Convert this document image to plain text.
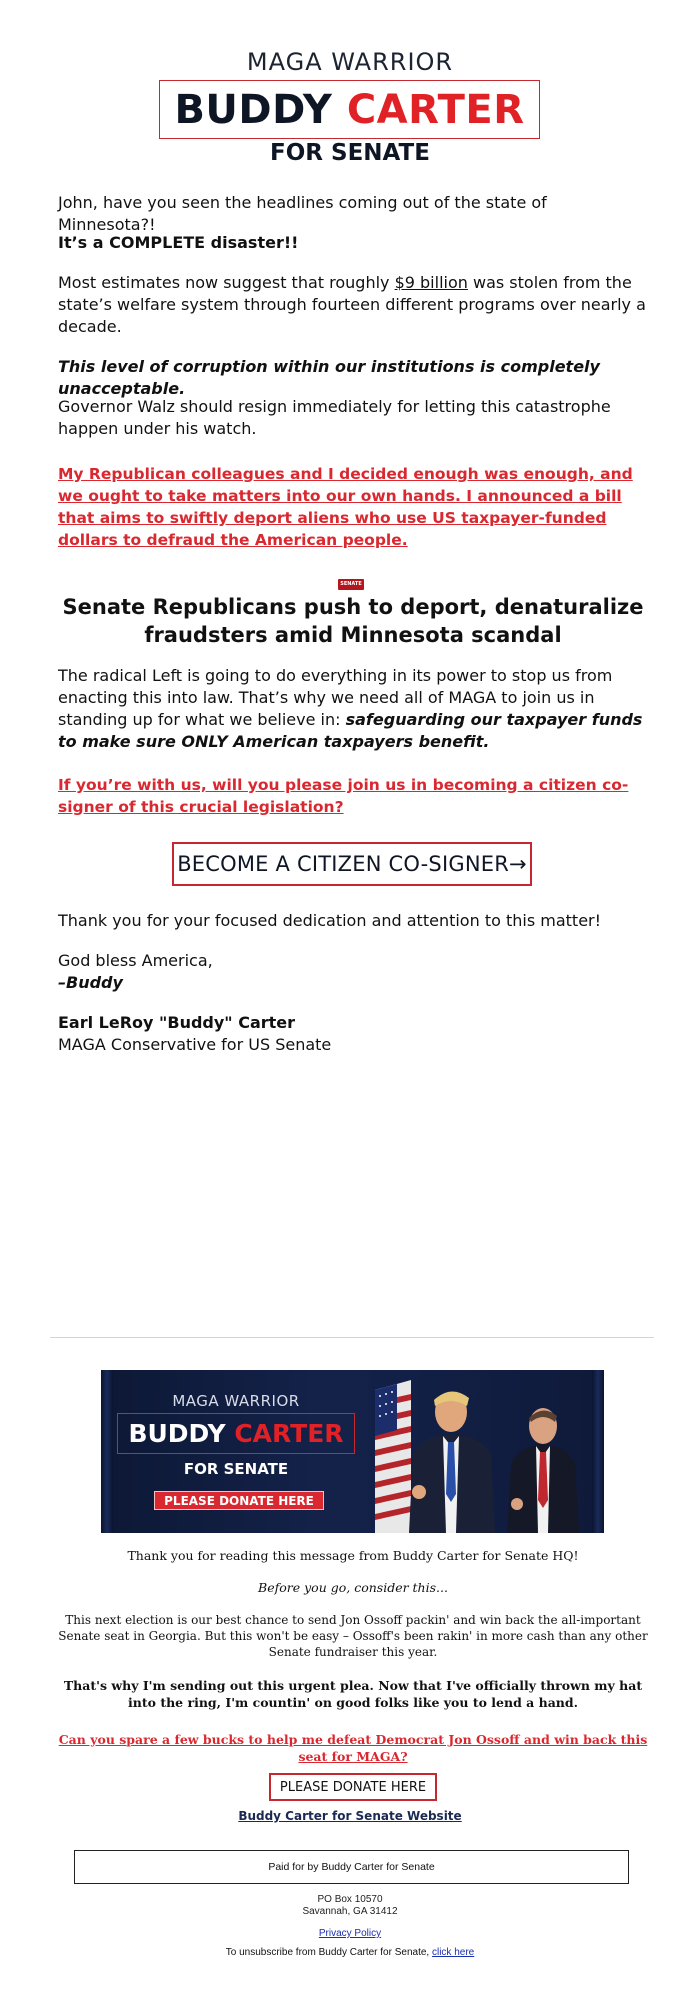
MAGA WARRIOR
BUDDY CARTER
FOR SENATE
John, have you seen the headlines coming out of the state of Minnesota?!
It’s a COMPLETE disaster!!
Most estimates now suggest that roughly $9 billion was stolen from the state’s welfare system through fourteen different programs over nearly a decade.
This level of corruption within our institutions is completely unacceptable.
Governor Walz should resign immediately for letting this catastrophe happen under his watch.
My Republican colleagues and I decided enough was enough, and we ought to take matters into our own hands. I announced a bill that aims to swiftly deport aliens who use US taxpayer-funded dollars to defraud the American people.
SENATE
Senate Republicans push to deport, denaturalize fraudsters amid Minnesota scandal
The radical Left is going to do everything in its power to stop us from enacting this into law. That’s why we need all of MAGA to join us in standing up for what we believe in: safeguarding our taxpayer funds to make sure ONLY American taxpayers benefit.
If you’re with us, will you please join us in becoming a citizen co-signer of this crucial legislation?
BECOME A CITIZEN CO-SIGNER →
Thank you for your focused dedication and attention to this matter!
God bless America,
–Buddy
Earl LeRoy "Buddy" Carter
MAGA Conservative for US Senate
MAGA WARRIOR
BUDDY CARTER
FOR SENATE
PLEASE DONATE HERE
Thank you for reading this message from Buddy Carter for Senate HQ!
Before you go, consider this...
This next election is our best chance to send Jon Ossoff packin' and win back the all-important Senate seat in Georgia. But this won't be easy – Ossoff's been rakin' in more cash than any other Senate fundraiser this year.
That's why I'm sending out this urgent plea. Now that I've officially thrown my hat into the ring, I'm countin' on good folks like you to lend a hand.
Can you spare a few bucks to help me defeat Democrat Jon Ossoff and win back this seat for MAGA?
PLEASE DONATE HERE
Buddy Carter for Senate Website
Paid for by Buddy Carter for Senate
PO Box 10570
Savannah, GA 31412
Privacy Policy
To unsubscribe from Buddy Carter for Senate, click here
